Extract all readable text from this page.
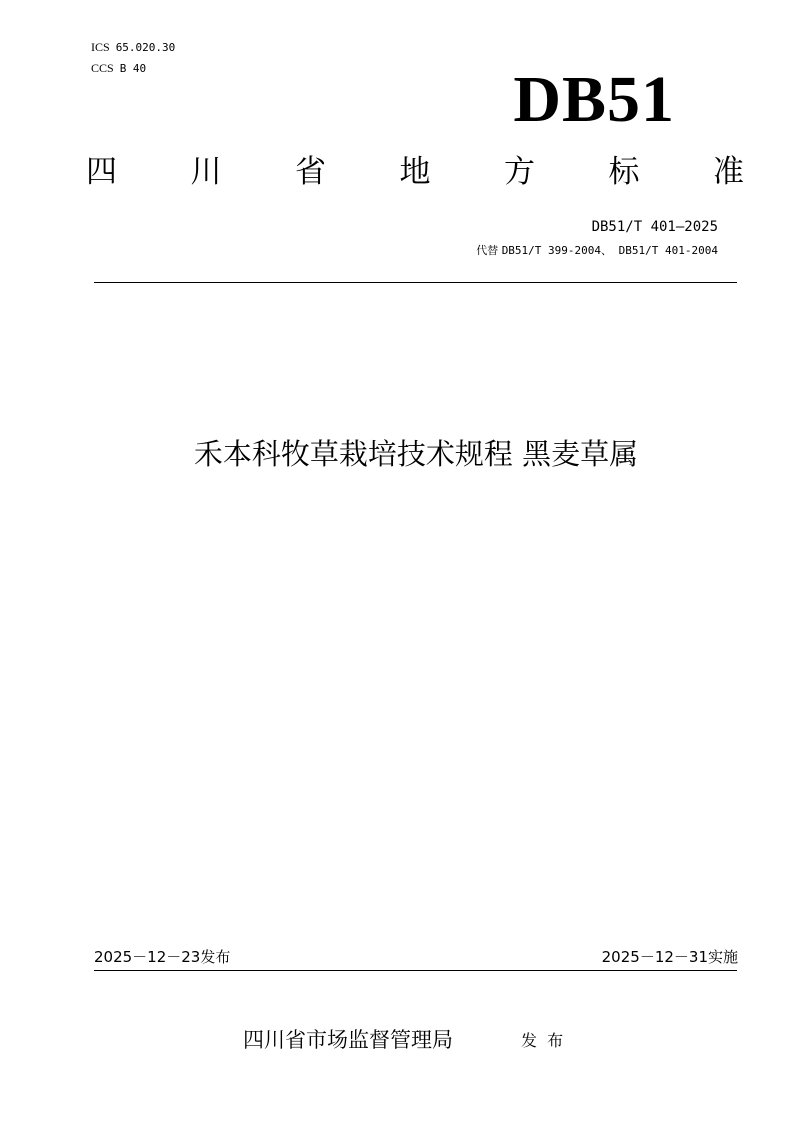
ICS 65.020.30
CCS B 40	DB51
四 川 省 地 方 标 准
DB51/T 401—2025
代替 DB51/T 399-2004、 DB51/T 401-2004
禾本科牧草栽培技术规程 黑麦草属
2025－12－23发布	2025－12－31实施
四川省市场监督管理局	发  布
